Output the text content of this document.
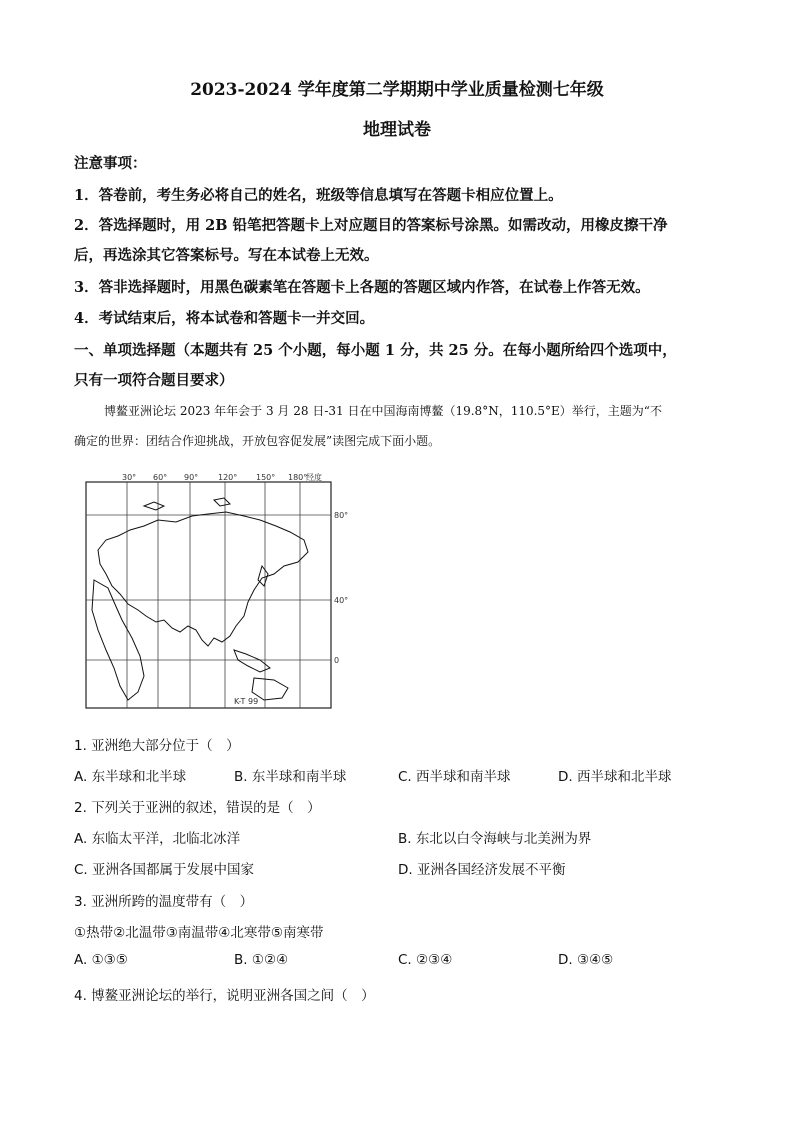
2023-2024 学年度第二学期期中学业质量检测七年级
地理试卷
注意事项：
1．答卷前，考生务必将自己的姓名，班级等信息填写在答题卡相应位置上。
2．答选择题时，用 2B 铅笔把答题卡上对应题目的答案标号涂黑。如需改动，用橡皮擦干净
后，再选涂其它答案标号。写在本试卷上无效。
3．答非选择题时，用黑色碳素笔在答题卡上各题的答题区域内作答，在试卷上作答无效。
4．考试结束后，将本试卷和答题卡一并交回。
一、单项选择题（本题共有 25 个小题，每小题 1 分，共 25 分。在每小题所给四个选项中，
只有一项符合题目要求）
博鳌亚洲论坛 2023 年年会于 3 月 28 日-31 日在中国海南博鳌（19.8°N，110.5°E）举行，主题为“不
确定的世界：团结合作迎挑战，开放包容促发展”读图完成下面小题。
30° 60° 90° 120° 150° 180°
经度
80°
40°
0
K-T 99
1. 亚洲绝大部分位于（　）
A. 东半球和北半球	B. 东半球和南半球	C. 西半球和南半球	D. 西半球和北半球
2. 下列关于亚洲的叙述，错误的是（　）
A. 东临太平洋，北临北冰洋	B. 东北以白令海峡与北美洲为界
C. 亚洲各国都属于发展中国家	D. 亚洲各国经济发展不平衡
3. 亚洲所跨的温度带有（　）
①热带②北温带③南温带④北寒带⑤南寒带
A. ①③⑤	B. ①②④	C. ②③④	D. ③④⑤
4. 博鳌亚洲论坛的举行，说明亚洲各国之间（　）
